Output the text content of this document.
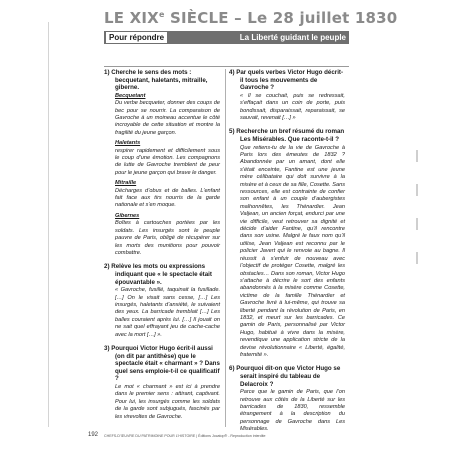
LE XIXe SIÈCLE – Le 28 juillet 1830
Pour répondre	La Liberté guidant le peuple

1) Cherche le sens des mots : becquetant, haletants, mitraille, giberne.

Becquetant

Du verbe becqueter, donner des coups de bec pour se nourrir. La comparaison de Gavroche à un moineau accentue le côté incroyable de cette situation et montre la fragilité du jeune garçon.

Haletants

respirer rapidement et difficilement sous le coup d’une émotion. Les compagnons de lutte de Gavroche tremblent de peur pour le jeune garçon qui brave le danger.

Mitraille

Décharges d’obus et de balles. L’enfant fait face aux tirs nourris de la garde nationale et s’en moque.

Gibernes

Boîtes à cartouches portées par les soldats. Les insurgés sont le peuple pauvre de Paris, obligé de récupérer sur les morts des munitions pour pouvoir combattre.

2) Relève les mots ou expressions indiquant que « le spectacle était épouvantable ».

« Gavroche, fusillé, taquinait la fusillade. […] On le visait sans cesse, […] Les insurgés, haletants d’anxiété, le suivaient des yeux. La barricade tremblait […] Les balles couraient après lui. […] Il jouait on ne sait quel effrayant jeu de cache-cache avec la mort […] ».

3) Pourquoi Victor Hugo écrit-il aussi (on dit par antithèse) que le spectacle était « charmant » ? Dans quel sens emploie-t-il ce qualificatif ?

Le mot « charmant » est ici à prendre dans le premier sens : attirant, captivant. Pour lui, les insurgés comme les soldats de la garde sont subjugués, fascinés par les virevoltes de Gavroche.

4) Par quels verbes Victor Hugo décrit-il tous les mouvements de Gavroche ?

« Il se couchait, puis se redressait, s’effaçait dans un coin de porte, puis bondissait, disparaissait, reparaissait, se sauvait, revenait […] »

5) Recherche un bref résumé du roman Les Misérables. Que raconte-t-il ?

Que retiens-tu de la vie de Gavroche à Paris lors des émeutes de 1832 ? Abandonnée par un amant, dont elle s’était enceinte, Fantine est une jeune mère célibataire qui doit survivre à la misère et à ceux de sa fille, Cosette. Sans ressources, elle est contrainte de confier son enfant à un couple d’aubergistes malhonnêtes, les Thénardier. Jean Valjean, un ancien forçat, endurci par une vie difficile, veut retrouver sa dignité et décide d’aider Fantine, qu’il rencontre dans son usine. Malgré le faux nom qu’il utilise, Jean Valjean est reconnu par le policier Javert qui le renvoie au bagne. Il réussit à s’enfuir de nouveau avec l’objectif de protéger Cosette, malgré les obstacles… Dans son roman, Victor Hugo s’attache à décrire le sort des enfants abandonnés à la misère comme Cosette, victime de la famille Thénardier et Gavroche livré à lui-même, qui trouve sa liberté pendant la révolution de Paris, en 1832, et meurt sur les barricades. Ce gamin de Paris, personnalisé par Victor Hugo, habitué à vivre dans la misère, revendique une application stricte de la devise révolutionnaire « Liberté, égalité, fraternité ».

6) Pourquoi dit-on que Victor Hugo se serait inspiré du tableau de Delacroix ?

Parce que le gamin de Paris, que l’on retrouve aux côtés de la Liberté sur les barricades de 1830, ressemble étrangement à la description du personnage de Gavroche dans Les Misérables.

192 CHEFS-D’ŒUVRE DU PATRIMOINE POUR L’HISTOIRE | Éditions Jocatop® - Reproduction interdite
